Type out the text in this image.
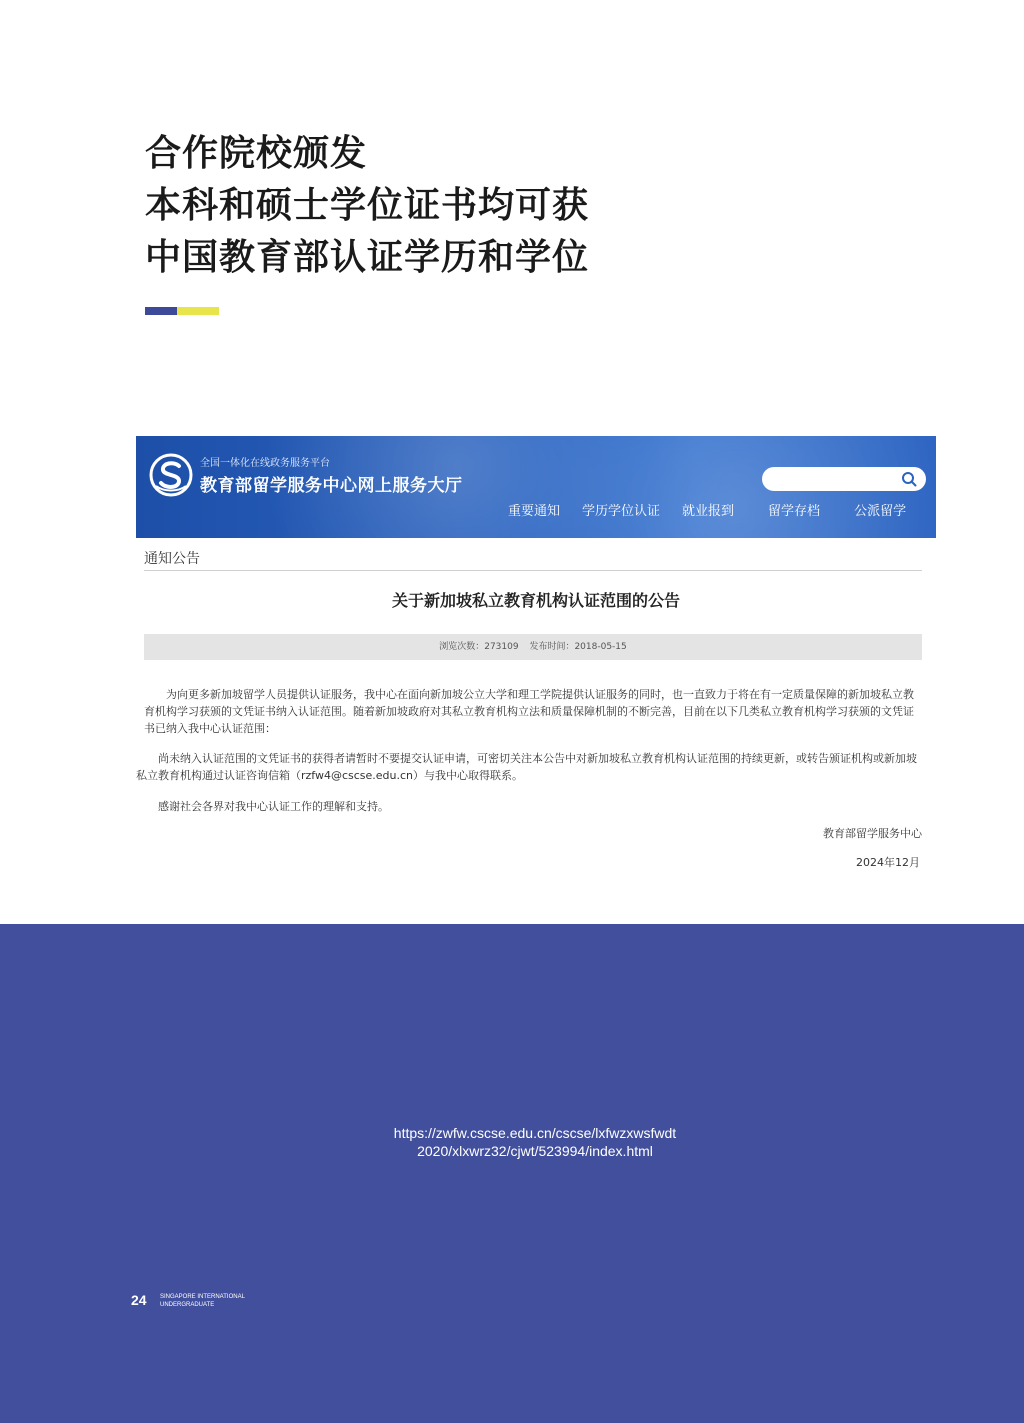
合作院校颁发
本科和硕士学位证书均可获
中国教育部认证学历和学位
全国一体化在线政务服务平台
教育部留学服务中心网上服务大厅
重要通知 学历学位认证 就业报到	留学存档	公派留学
通知公告
关于新加坡私立教育机构认证范围的公告
浏览次数：273109 发布时间：2018-05-15

为向更多新加坡留学人员提供认证服务，我中心在面向新加坡公立大学和理工学院提供认证服务的同时，也一直致力于将在有一定质量保障的新加坡私立教育机构学习获颁的文凭证书纳入认证范围。随着新加坡政府对其私立教育机构立法和质量保障机制的不断完善，目前在以下几类私立教育机构学习获颁的文凭证书已纳入我中心认证范围：

尚未纳入认证范围的文凭证书的获得者请暂时不要提交认证申请，可密切关注本公告中对新加坡私立教育机构认证范围的持续更新，或转告颁证机构或新加坡私立教育机构通过认证咨询信箱（rzfw4@cscse.edu.cn）与我中心取得联系。

感谢社会各界对我中心认证工作的理解和支持。

教育部留学服务中心
2024年12月
https://zwfw.cscse.edu.cn/cscse/lxfwzxwsfwdt
2020/xlxwrz32/cjwt/523994/index.html
24 SINGAPORE INTERNATIONAL
UNDERGRADUATE
